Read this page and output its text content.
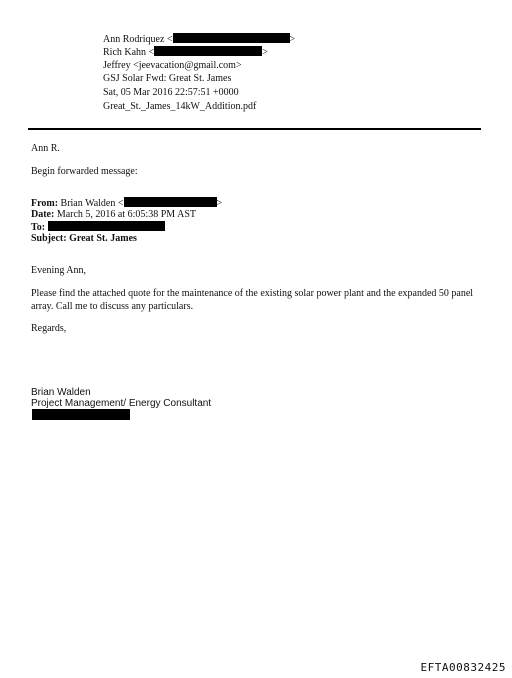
Ann Rodriquez <	>
Rich Kahn <	>
Jeffrey <jeevacation@gmail.com>
GSJ Solar Fwd: Great St. James
Sat, 05 Mar 2016 22:57:51 +0000
Great_St._James_14kW_Addition.pdf
Ann R.
Begin forwarded message:
From: Brian Walden <	>
Date: March 5, 2016 at 6:05:38 PM AST
To:
Subject: Great St. James
Evening Ann,
Please find the attached quote for the maintenance of the existing solar power plant and the expanded 50 panel
array. Call me to discuss any particulars.
Regards,
Brian Walden
Project Management/ Energy Consultant
EFTA00832425
